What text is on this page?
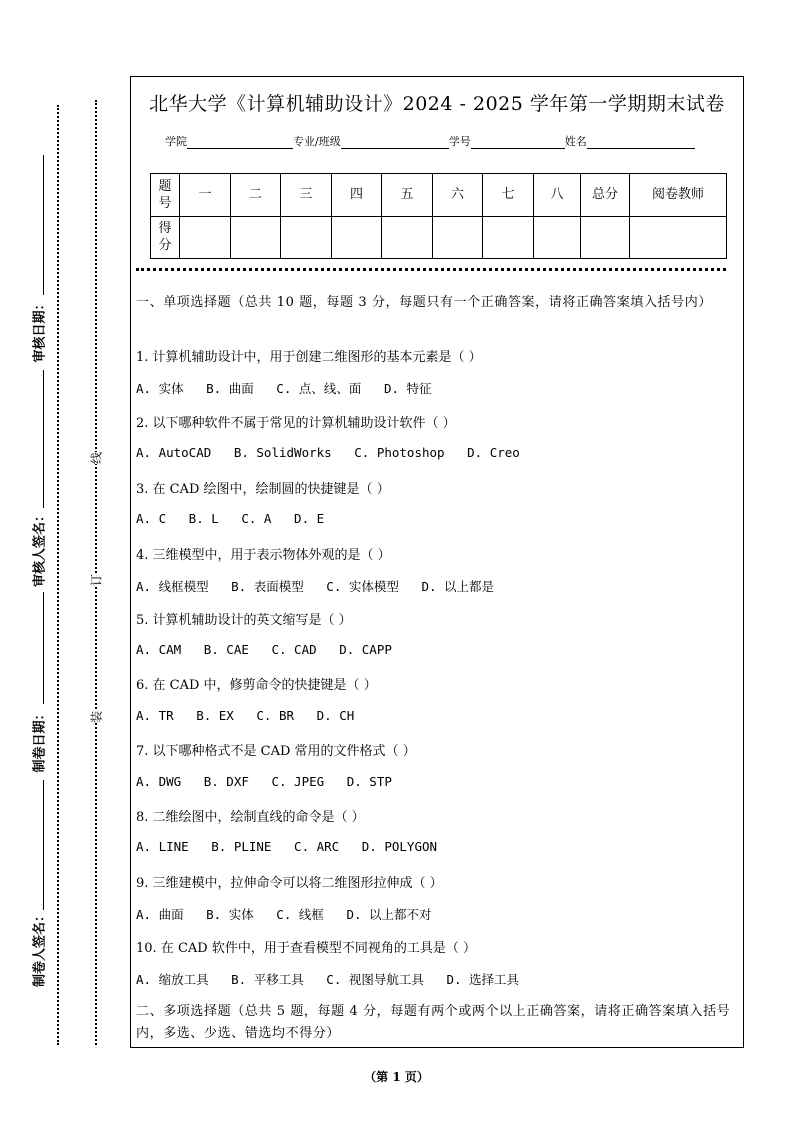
审核日期：
审核人签名：
制卷日期：
制卷人签名：
线
订
装
北华大学《计算机辅助设计》2024 - 2025 学年第一学期期末试卷
学院	专业/班级	学号	姓名
题号	一	二	三	四	五	六	七	八	总分	阅卷教师
得分										
一、单项选择题（总共 10 题，每题 3 分，每题只有一个正确答案，请将正确答案填入括号内）
1. 计算机辅助设计中，用于创建二维图形的基本元素是（ ）
A. 实体   B. 曲面   C. 点、线、面   D. 特征
2. 以下哪种软件不属于常见的计算机辅助设计软件（ ）
A. AutoCAD   B. SolidWorks   C. Photoshop   D. Creo
3. 在 CAD 绘图中，绘制圆的快捷键是（ ）
A. C   B. L   C. A   D. E
4. 三维模型中，用于表示物体外观的是（ ）
A. 线框模型   B. 表面模型   C. 实体模型   D. 以上都是
5. 计算机辅助设计的英文缩写是（ ）
A. CAM   B. CAE   C. CAD   D. CAPP
6. 在 CAD 中，修剪命令的快捷键是（ ）
A. TR   B. EX   C. BR   D. CH
7. 以下哪种格式不是 CAD 常用的文件格式（ ）
A. DWG   B. DXF   C. JPEG   D. STP
8. 二维绘图中，绘制直线的命令是（ ）
A. LINE   B. PLINE   C. ARC   D. POLYGON
9. 三维建模中，拉伸命令可以将二维图形拉伸成（ ）
A. 曲面   B. 实体   C. 线框   D. 以上都不对
10. 在 CAD 软件中，用于查看模型不同视角的工具是（ ）
A. 缩放工具   B. 平移工具   C. 视图导航工具   D. 选择工具
二、多项选择题（总共 5 题，每题 4 分，每题有两个或两个以上正确答案，请将正确答案填入括号内，多选、少选、错选均不得分）
（第 1 页）
